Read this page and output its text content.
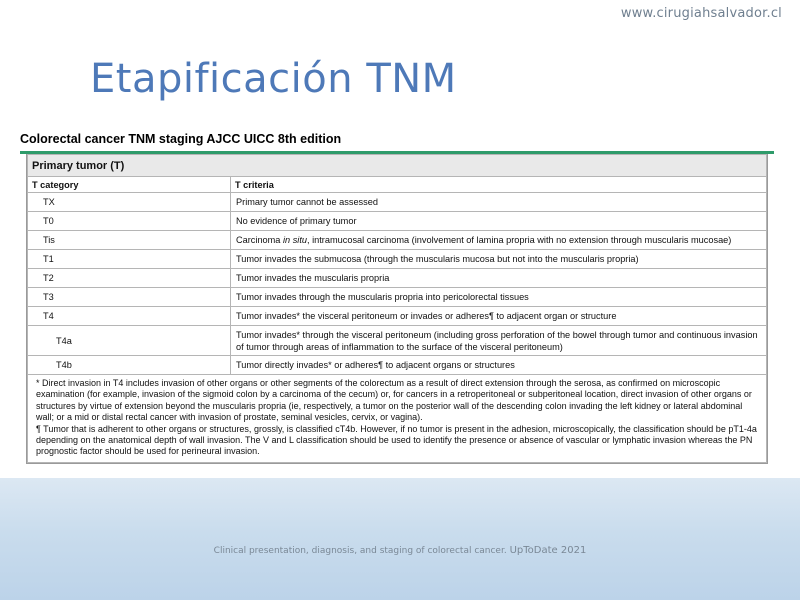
www.cirugiahsalvador.cl
Etapificación TNM
Colorectal cancer TNM staging AJCC UICC 8th edition
Primary tumor (T)	
T category	T criteria
TX	Primary tumor cannot be assessed
T0	No evidence of primary tumor
Tis	Carcinoma in situ, intramucosal carcinoma (involvement of lamina propria with no extension through muscularis mucosae)
T1	Tumor invades the submucosa (through the muscularis mucosa but not into the muscularis propria)
T2	Tumor invades the muscularis propria
T3	Tumor invades through the muscularis propria into pericolorectal tissues
T4	Tumor invades* the visceral peritoneum or invades or adheres¶ to adjacent organ or structure
T4a	Tumor invades* through the visceral peritoneum (including gross perforation of the bowel through tumor and continuous invasion of tumor through areas of inflammation to the surface of the visceral peritoneum)
T4b	Tumor directly invades* or adheres¶ to adjacent organs or structures

* Direct invasion in T4 includes invasion of other organs or other segments of the colorectum as a result of direct extension through the serosa, as confirmed on microscopic examination (for example, invasion of the sigmoid colon by a carcinoma of the cecum) or, for cancers in a retroperitoneal or subperitoneal location, direct invasion of other organs or structures by virtue of extension beyond the muscularis propria (ie, respectively, a tumor on the posterior wall of the descending colon invading the left kidney or lateral abdominal wall; or a mid or distal rectal cancer with invasion of prostate, seminal vesicles, cervix, or vagina).
¶ Tumor that is adherent to other organs or structures, grossly, is classified cT4b. However, if no tumor is present in the adhesion, microscopically, the classification should be pT1-4a depending on the anatomical depth of wall invasion. The V and L classification should be used to identify the presence or absence of vascular or lymphatic invasion whereas the PN prognostic factor should be used for perineural invasion.	
Clinical presentation, diagnosis, and staging of colorectal cancer. UpToDate 2021
